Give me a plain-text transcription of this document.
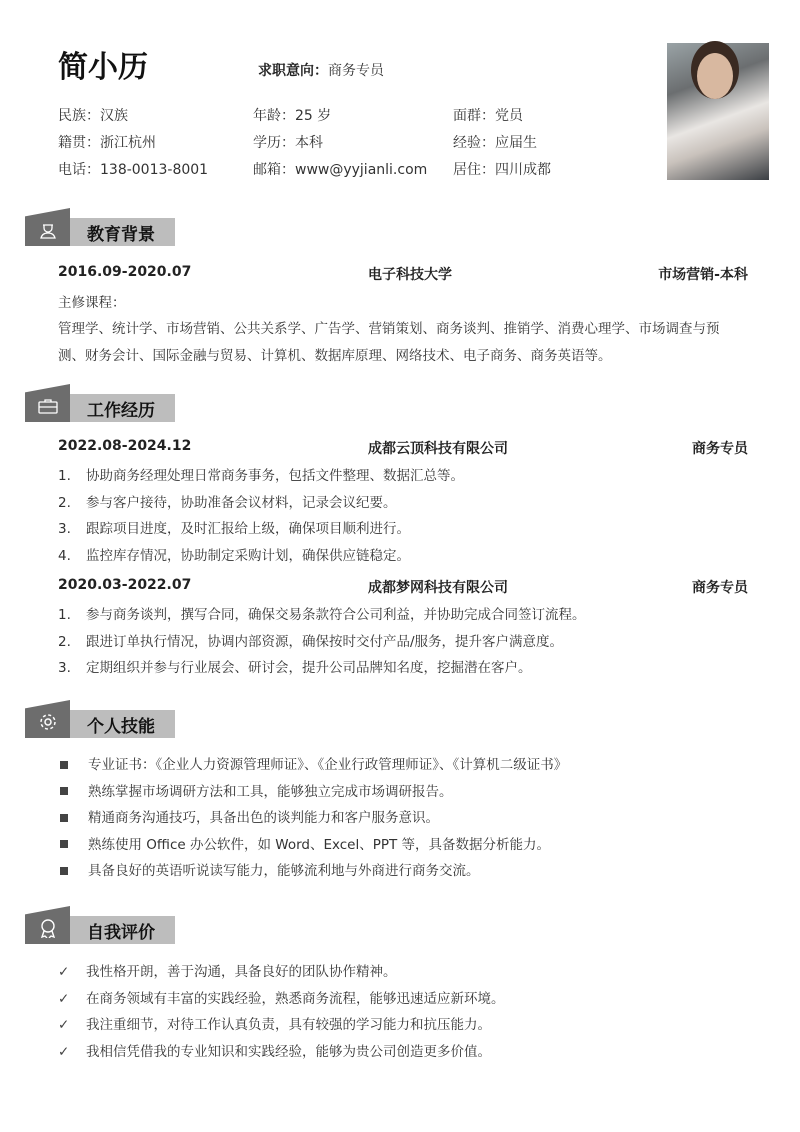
简小历	求职意向：商务专员
教育背景
2016.09-2020.07	电子科技大学	市场营销-本科
主修课程：
管理学、统计学、市场营销、公共关系学、广告学、营销策划、商务谈判、推销学、消费心理学、市场调查与预
测、财务会计、国际金融与贸易、计算机、数据库原理、网络技术、电子商务、商务英语等。
工作经历
个人技能
自我评价
民族：汉族	年龄：25 岁	面群：党员
籍贯：浙江杭州	学历：本科	经验：应届生
电话：138-0013-8001	邮箱：www@yyjianli.com 居住：四川成都
2022.08-2024.12	成都云顶科技有限公司	商务专员
1. 协助商务经理处理日常商务事务，包括文件整理、数据汇总等。
2. 参与客户接待，协助准备会议材料，记录会议纪要。
3. 跟踪项目进度，及时汇报给上级，确保项目顺利进行。
4. 监控库存情况，协助制定采购计划，确保供应链稳定。
2020.03-2022.07	成都梦网科技有限公司	商务专员
1. 参与商务谈判，撰写合同，确保交易条款符合公司利益，并协助完成合同签订流程。
2. 跟进订单执行情况，协调内部资源，确保按时交付产品/服务，提升客户满意度。
3. 定期组织并参与行业展会、研讨会，提升公司品牌知名度，挖掘潜在客户。
专业证书：《企业人力资源管理师证》、《企业行政管理师证》、《计算机二级证书》
熟练掌握市场调研方法和工具，能够独立完成市场调研报告。
精通商务沟通技巧，具备出色的谈判能力和客户服务意识。
熟练使用 Office 办公软件，如 Word、Excel、PPT 等，具备数据分析能力。
具备良好的英语听说读写能力，能够流利地与外商进行商务交流。
✓ 我性格开朗，善于沟通，具备良好的团队协作精神。
✓ 在商务领域有丰富的实践经验，熟悉商务流程，能够迅速适应新环境。
✓ 我注重细节，对待工作认真负责，具有较强的学习能力和抗压能力。
✓ 我相信凭借我的专业知识和实践经验，能够为贵公司创造更多价值。
